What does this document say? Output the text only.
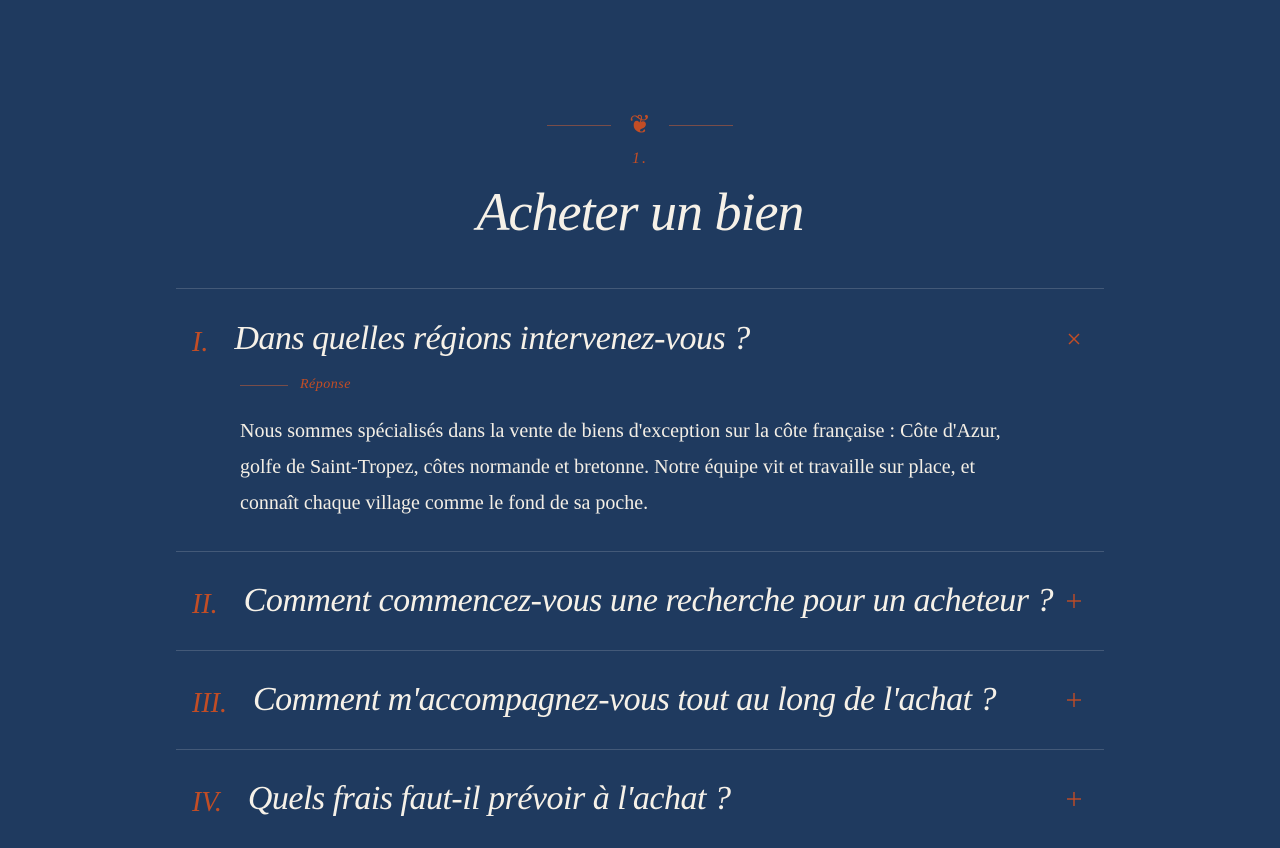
❦
1.
Acheter un bien
I. Dans quelles régions intervenez-vous ?
Réponse
Nous sommes spécialisés dans la vente de biens d'exception sur la côte française : Côte d'Azur, golfe de Saint-Tropez, côtes normande et bretonne. Notre équipe vit et travaille sur place, et connaît chaque village comme le fond de sa poche.
II. Comment commencez-vous une recherche pour un acheteur ?
III. Comment m'accompagnez-vous tout au long de l'achat ?
IV. Quels frais faut-il prévoir à l'achat ?
